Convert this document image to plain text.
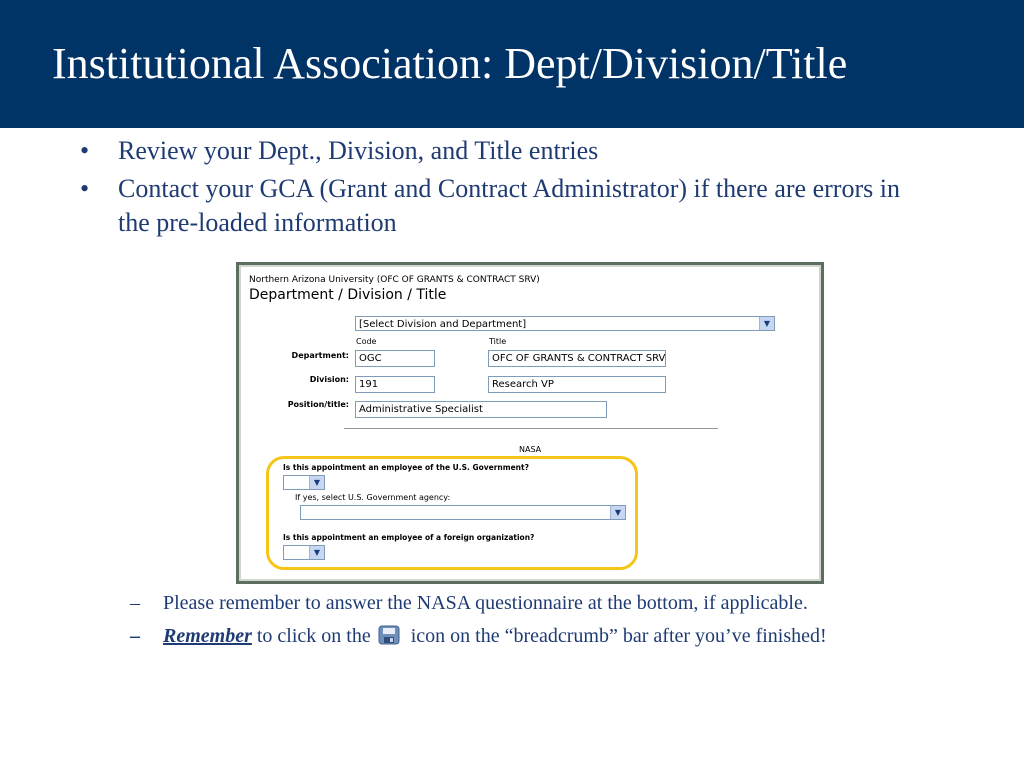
Institutional Association: Dept/Division/Title
• Review your Dept., Division, and Title entries
• Contact your GCA (Grant and Contract Administrator) if there are errors in the pre-loaded information
Northern Arizona University (OFC OF GRANTS & CONTRACT SRV)
Department / Division / Title
[Select Division and Department]	▼
Code	Title
Department:	OGC	OFC OF GRANTS & CONTRACT SRV
Division:	191	Research VP
Position/title:	Administrative Specialist
NASA
Is this appointment an employee of the U.S. Government?
▼
If yes, select U.S. Government agency:
▼
Is this appointment an employee of a foreign organization?
▼
– Please remember to answer the NASA questionnaire at the bottom, if applicable.
– Remember to click on the  icon on the “breadcrumb” bar after you’ve finished!
